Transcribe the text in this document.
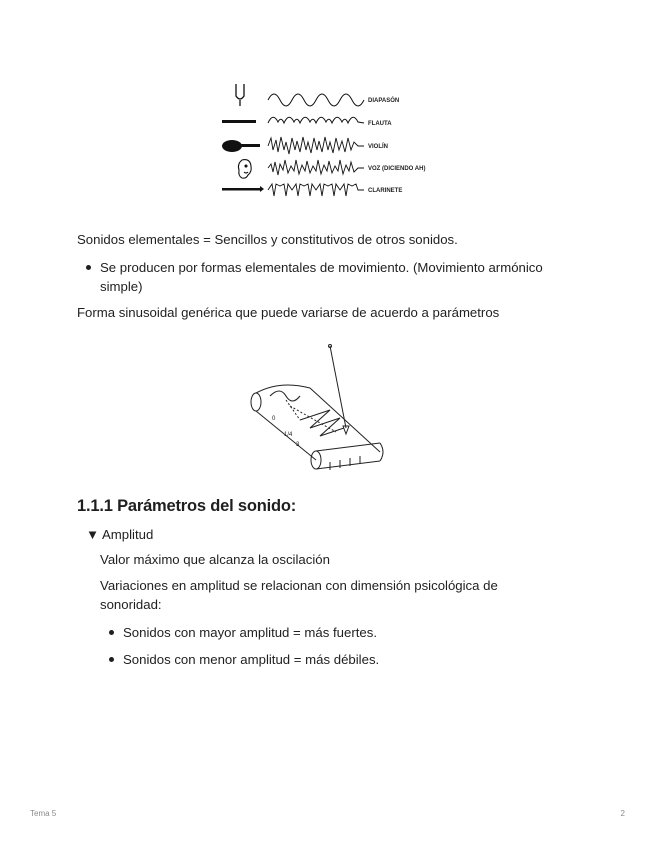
DIAPASÓN
FLAUTA
VIOLÍN
VOZ (DICIENDO AH)
CLARINETE

Sonidos elementales = Sencillos y constitutivos de otros sonidos.

Se producen por formas elementales de movimiento. (Movimiento armónico
simple)

Forma sinusoidal genérica que puede variarse de acuerdo a parámetros

0
1/4
3
1.1.1 Parámetros del sonido:
▼ Amplitud

Valor máximo que alcanza la oscilación

Variaciones en amplitud se relacionan con dimensión psicológica de

sonoridad:

Sonidos con mayor amplitud = más fuertes.
Sonidos con menor amplitud = más débiles.
Tema 5	2
